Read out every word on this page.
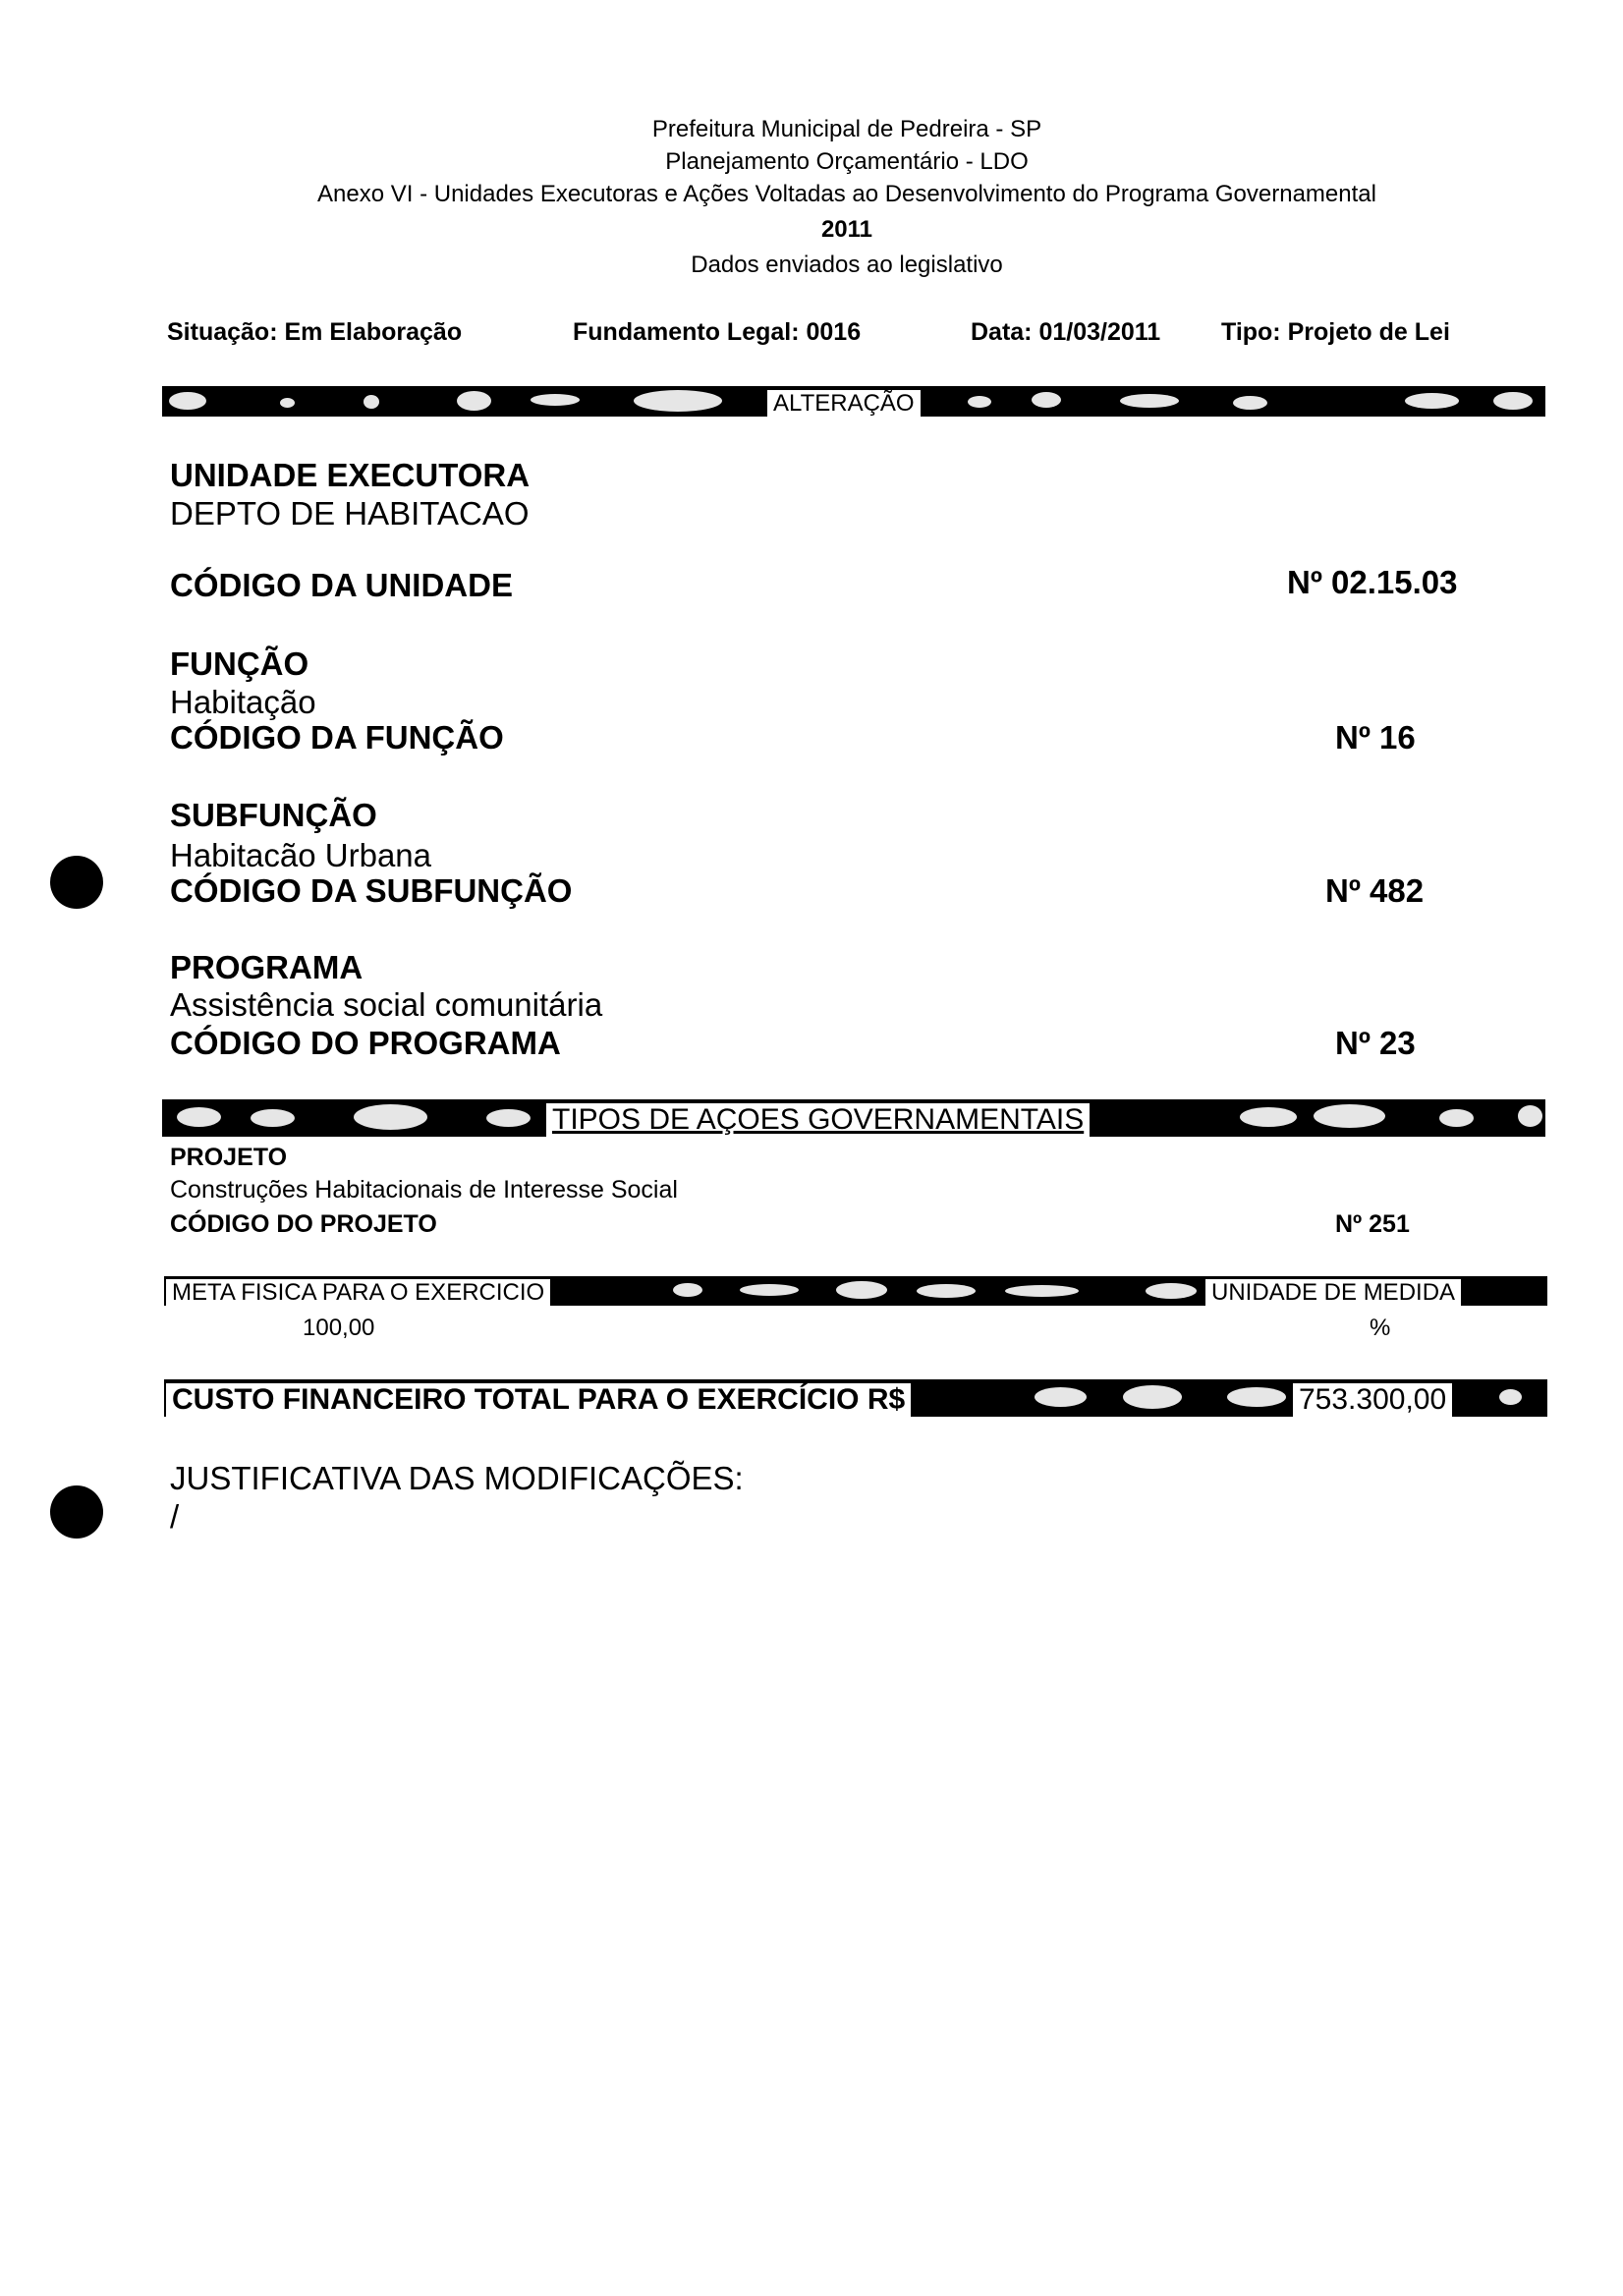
Prefeitura Municipal de Pedreira - SP
Planejamento Orçamentário - LDO
Anexo VI - Unidades Executoras e Ações Voltadas ao Desenvolvimento do Programa Governamental
2011
Dados enviados ao legislativo
Situação: Em Elaboração	Fundamento Legal: 0016	Data: 01/03/2011 Tipo: Projeto de Lei
ALTERAÇÃO
UNIDADE EXECUTORA
DEPTO DE HABITACAO
CÓDIGO DA UNIDADE	Nº 02.15.03
FUNÇÃO
Habitação
CÓDIGO DA FUNÇÃO	Nº 16
SUBFUNÇÃO
Habitacão Urbana
CÓDIGO DA SUBFUNÇÃO	Nº 482
PROGRAMA
Assistência social comunitária
CÓDIGO DO PROGRAMA	Nº 23
TIPOS DE AÇOES GOVERNAMENTAIS
PROJETO
Construções Habitacionais de Interesse Social
CÓDIGO DO PROJETO	Nº 251
META FISICA PARA O EXERCICIO	UNIDADE DE MEDIDA
100,00	%
CUSTO FINANCEIRO TOTAL PARA O EXERCÍCIO R$	753.300,00
JUSTIFICATIVA DAS MODIFICAÇÕES:
/
